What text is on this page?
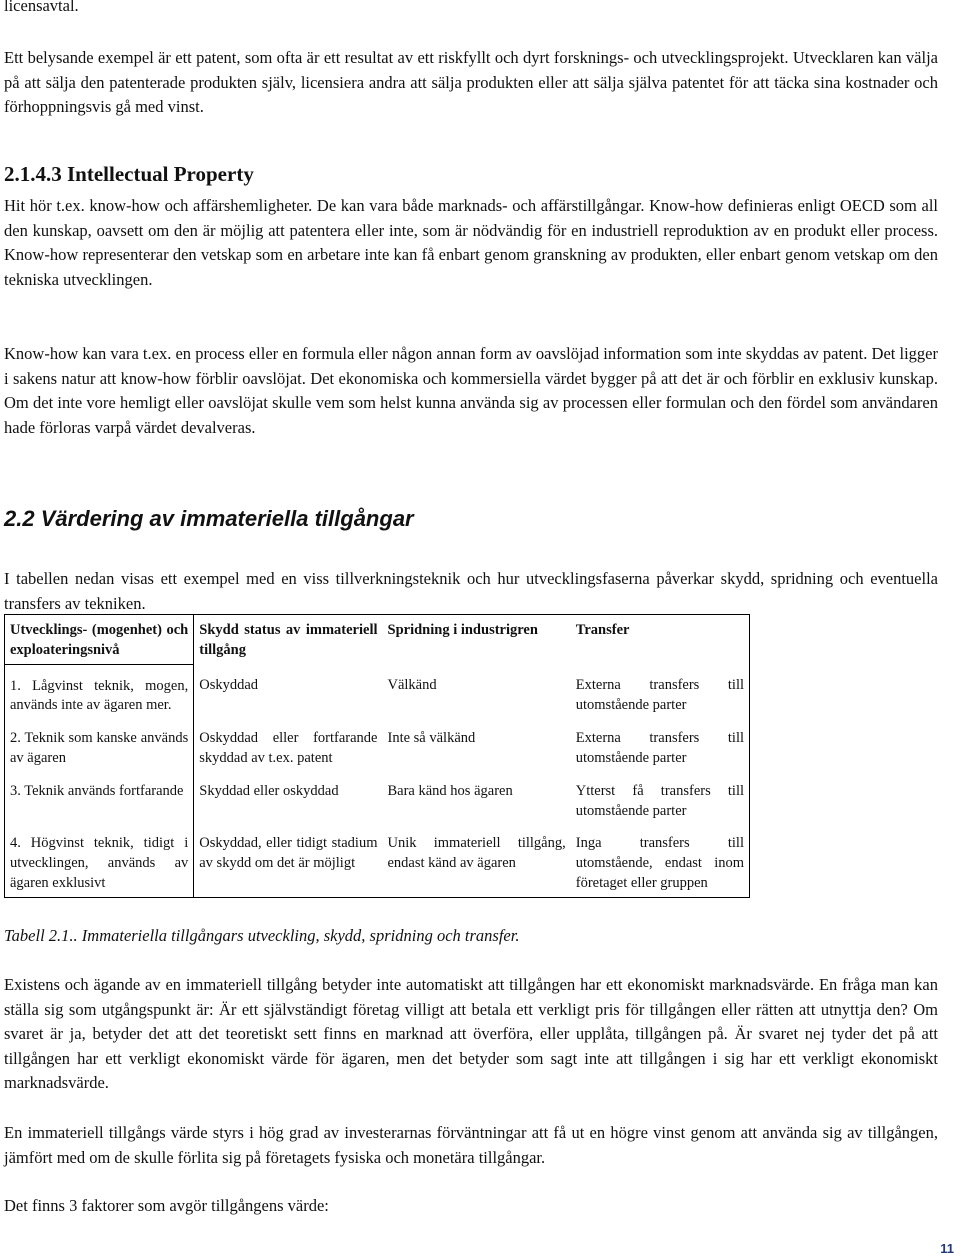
licensavtal.

Ett belysande exempel är ett patent, som ofta är ett resultat av ett riskfyllt och dyrt forsknings- och utvecklingsprojekt. Utvecklaren kan välja på att sälja den patenterade produkten själv, licensiera andra att sälja produkten eller att sälja själva patentet för att täcka sina kostnader och förhoppningsvis gå med vinst.

2.1.4.3 Intellectual Property

Hit hör t.ex. know-how och affärshemligheter. De kan vara både marknads- och affärstillgångar. Know-how definieras enligt OECD som all den kunskap, oavsett om den är möjlig att patentera eller inte, som är nödvändig för en industriell reproduktion av en produkt eller process. Know-how representerar den vetskap som en arbetare inte kan få enbart genom granskning av produkten, eller enbart genom vetskap om den tekniska utvecklingen.

Know-how kan vara t.ex. en process eller en formula eller någon annan form av oavslöjad information som inte skyddas av patent. Det ligger i sakens natur att know-how förblir oavslöjat. Det ekonomiska och kommersiella värdet bygger på att det är och förblir en exklusiv kunskap. Om det inte vore hemligt eller oavslöjat skulle vem som helst kunna använda sig av processen eller formulan och den fördel som användaren hade förloras varpå värdet devalveras.

2.2 Värdering av immateriella tillgångar

I tabellen nedan visas ett exempel med en viss tillverkningsteknik och hur utvecklingsfaserna påverkar skydd, spridning och eventuella transfers av tekniken.

Utvecklings- (mogenhet) och exploateringsnivå	Skydd status av immateriell tillgång	Spridning i industrigren	Transfer
1. Lågvinst teknik, mogen, används inte av ägaren mer.	Oskyddad	Välkänd	Externa transfers till utomstående parter
2. Teknik som kanske används av ägaren	Oskyddad eller fortfarande skyddad av t.ex. patent	Inte så välkänd	Externa transfers till utomstående parter
3. Teknik används fortfarande	Skyddad eller oskyddad	Bara känd hos ägaren	Ytterst få transfers till utomstående parter
4. Högvinst teknik, tidigt i utvecklingen, används av ägaren exklusivt	Oskyddad, eller tidigt stadium av skydd om det är möjligt	Unik immateriell tillgång, endast känd av ägaren	Inga transfers till utomstående, endast inom företaget eller gruppen

Tabell 2.1.. Immateriella tillgångars utveckling, skydd, spridning och transfer.

Existens och ägande av en immateriell tillgång betyder inte automatiskt att tillgången har ett ekonomiskt marknadsvärde. En fråga man kan ställa sig som utgångspunkt är: Är ett självständigt företag villigt att betala ett verkligt pris för tillgången eller rätten att utnyttja den? Om svaret är ja, betyder det att det teoretiskt sett finns en marknad att överföra, eller upplåta, tillgången på. Är svaret nej tyder det på att tillgången har ett verkligt ekonomiskt värde för ägaren, men det betyder som sagt inte att tillgången i sig har ett verkligt ekonomiskt marknadsvärde.

En immateriell tillgångs värde styrs i hög grad av investerarnas förväntningar att få ut en högre vinst genom att använda sig av tillgången, jämfört med om de skulle förlita sig på företagets fysiska och monetära tillgångar.

Det finns 3 faktorer som avgör tillgångens värde:

11
